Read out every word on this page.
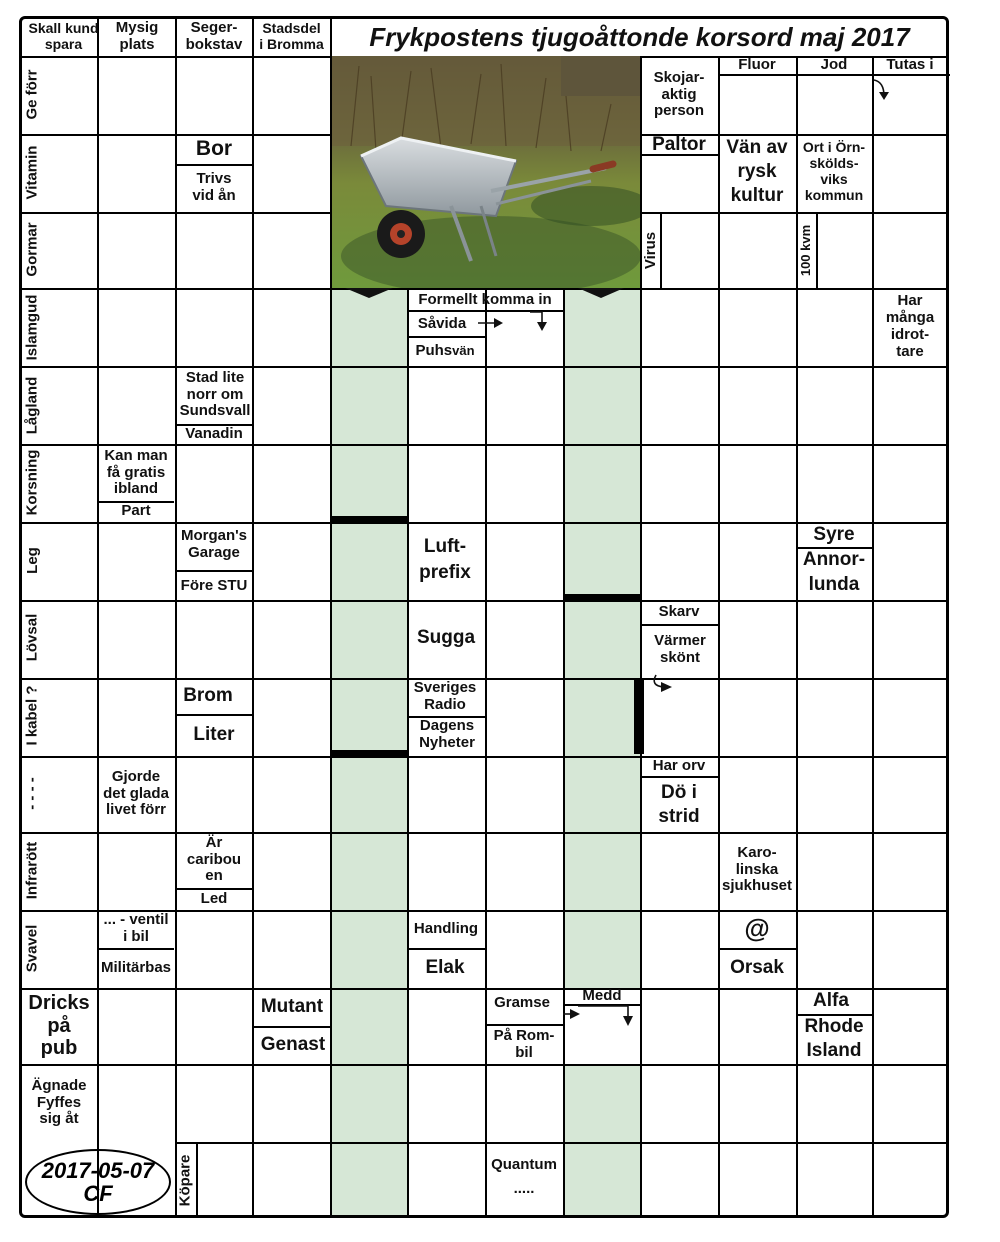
Frykpostens tjugoåttonde korsord maj 2017
Skall kund spara
Mysig plats
Seger-
bokstav
Stadsdel
i Bromma
Fluor	Jod	Tutas i
Ge förr
Vitamin
Gormar
Islamgud
Lågland
Korsning
Leg
Lövsal
I kabel ?
- - - -
Infrarött
Svavel
Dricks
på
pub
Ägnade
Fyffes
sig åt
Köpare
2017-05-07
CF
Bor
Trivs
vid ån
Skojar-
aktig
person
Paltor	Vän av
rysk
kultur
Ort i Örn-
skölds-
viks
kommun
Virus	100 kvm
Formellt komma in
Såvida
Puhs vän
Har
många
idrot-
tare
Stad lite
norr om
Sundsvall
Vanadin
Kan man
få gratis
ibland
Part
Morgan's
Garage
Före STU
Luft-
prefix
Syre
Annor-
lunda
Sugga
Skarv
Värmer
skönt
Brom
Liter
Sveriges
Radio
Dagens
Nyheter
Gjorde
det glada
livet förr
Har orv
Dö i
strid
Är
caribou
en
Led
Karo-
linska
sjukhuset
... - ventil
i bil
Militärbas
Handling
Elak
@
Orsak
Mutant
Genast
Gramse	Medd
På Rom-
bil
Alfa
Rhode
Island
Quantum
.....
